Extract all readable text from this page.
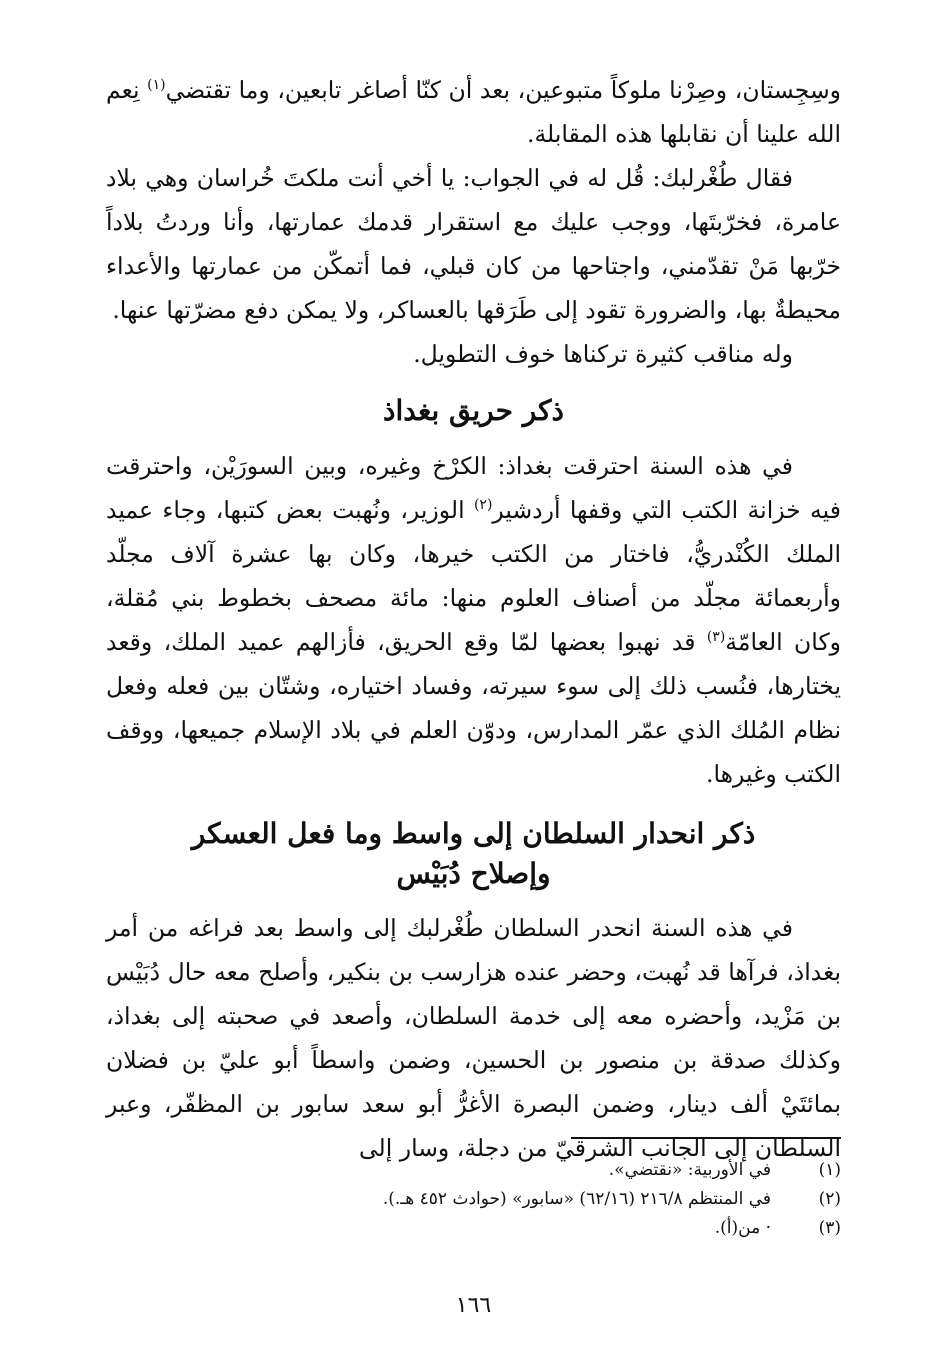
وسِجِستان، وصِرْنا ملوكاً متبوعين، بعد أن كنّا أصاغر تابعين، وما تقتضي$^{(١)}$ نِعم الله علينا أن نقابلها هذه المقابلة.

فقال طُغْرلبك: قُل له في الجواب: يا أخي أنت ملكتَ خُراسان وهي بلاد عامرة، فخرّبتَها، ووجب عليك مع استقرار قدمك عمارتها، وأنا وردتُ بلاداً خرّبها مَنْ تقدّمني، واجتاحها من كان قبلي، فما أتمكّن من عمارتها والأعداء محيطةٌ بها، والضرورة تقود إلى طَرَقها بالعساكر، ولا يمكن دفع مضرّتها عنها.

وله مناقب كثيرة تركناها خوف التطويل.

ذكر حريق بغداذ

في هذه السنة احترقت بغداذ: الكرْخ وغيره، وبين السورَيْن، واحترقت فيه خزانة الكتب التي وقفها أردشير$^{(٢)}$ الوزير، ونُهبت بعض كتبها، وجاء عميد الملك الكُنْدريُّ، فاختار من الكتب خيرها، وكان بها عشرة آلاف مجلّد وأربعمائة مجلّد من أصناف العلوم منها: مائة مصحف بخطوط بني مُقلة، وكان العامّة$^{(٣)}$ قد نهبوا بعضها لمّا وقع الحريق، فأزالهم عميد الملك، وقعد يختارها، فنُسب ذلك إلى سوء سيرته، وفساد اختياره، وشتّان بين فعله وفعل نظام المُلك الذي عمّر المدارس، ودوّن العلم في بلاد الإسلام جميعها، ووقف الكتب وغيرها.

ذكر انحدار السلطان إلى واسط وما فعل العسكر
وإصلاح دُبَيْس

في هذه السنة انحدر السلطان طُغْرلبك إلى واسط بعد فراغه من أمر بغداذ، فرآها قد نُهبت، وحضر عنده هزارسب بن بنكير، وأصلح معه حال دُبَيْس بن مَزْيد، وأحضره معه إلى خدمة السلطان، وأصعد في صحبته إلى بغداذ، وكذلك صدقة بن منصور بن الحسين، وضمن واسطاً أبو عليّ بن فضلان بمائتَيْ ألف دينار، وضمن البصرة الأغرُّ أبو سعد سابور بن المظفّر، وعبر السلطان إلى الجانب الشرقيّ من دجلة، وسار إلى

(١)
في الأوربية: «نقتضي».
(٢)
في المنتظم ٢١٦/٨ (٦٢/١٦) «سابور» (حوادث ٤٥٢ هـ.).
(٣)
· من(أ).
١٦٦
